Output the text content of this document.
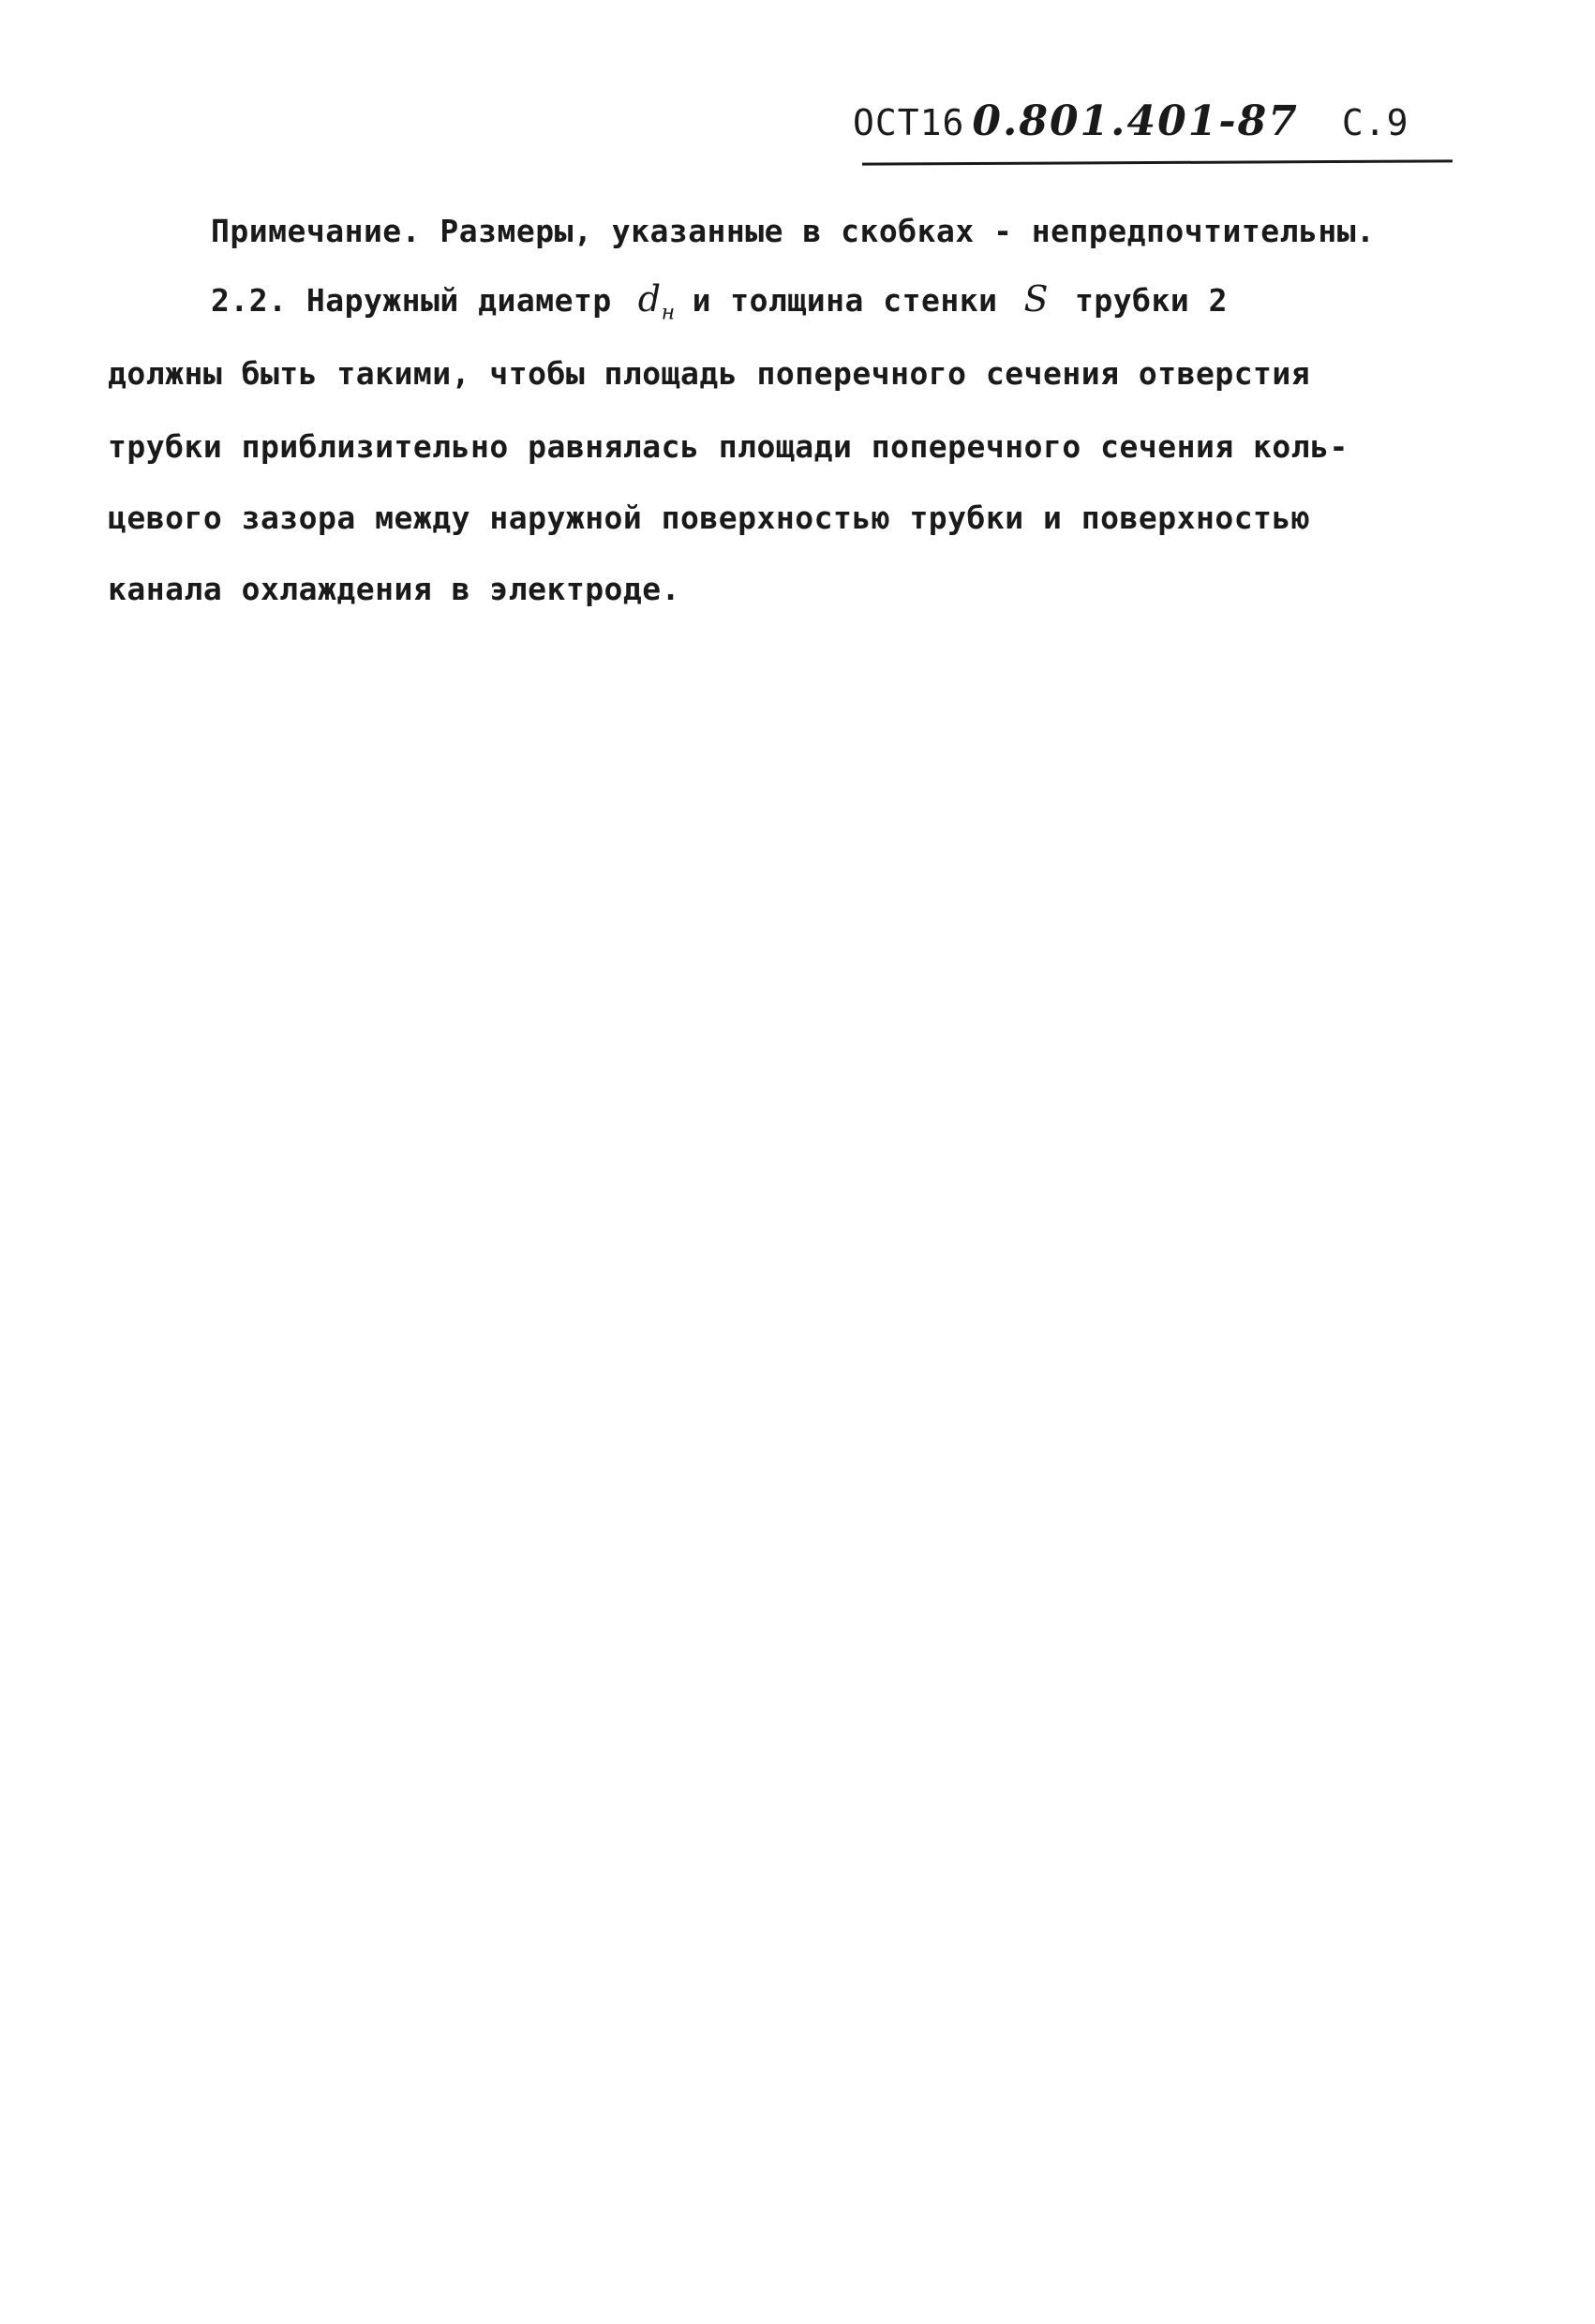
ОСТ16 0.801.401-87 С.9
Примечание. Размеры, указанные в скобках - непредпочтительны.
2.2. Наружный диаметр $d_н$ и толщина стенки S трубки 2
должны быть такими, чтобы площадь поперечного сечения отверстия
трубки приблизительно равнялась площади поперечного сечения коль-
цевого зазора между наружной поверхностью трубки и поверхностью
канала охлаждения в электроде.
